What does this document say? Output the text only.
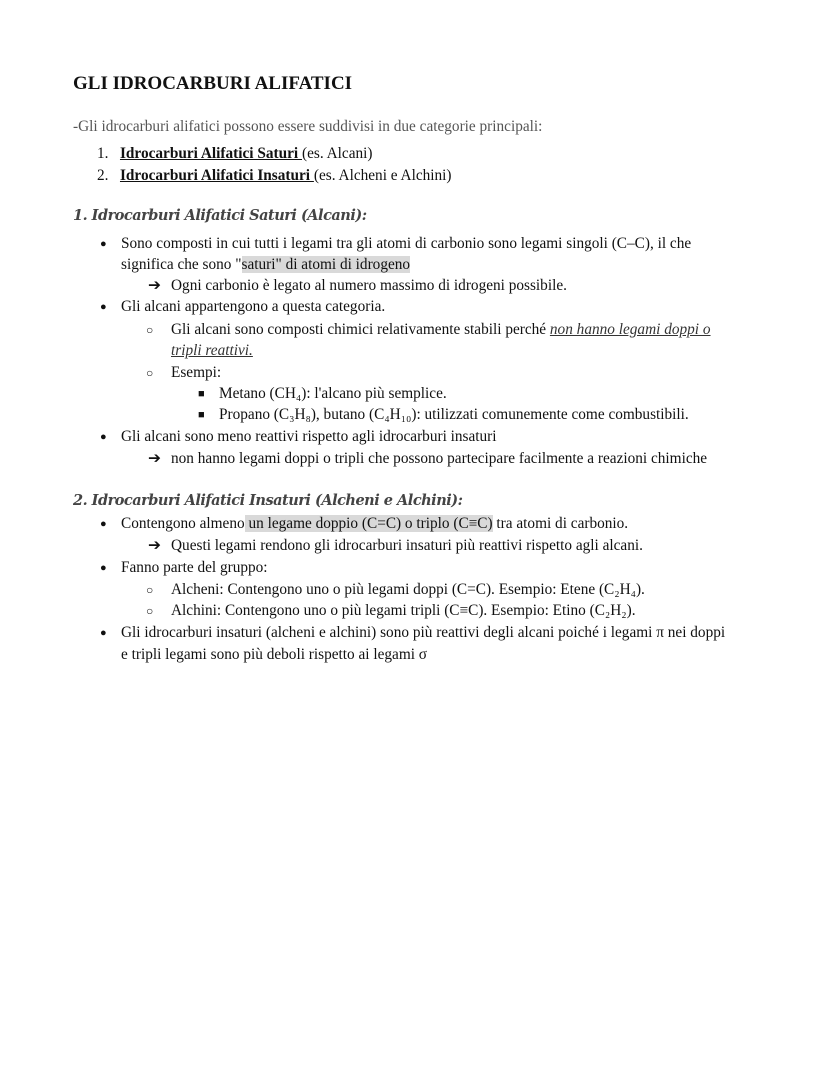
GLI IDROCARBURI ALIFATICI
-Gli idrocarburi alifatici possono essere suddivisi in due categorie principali:
1. Idrocarburi Alifatici Saturi (es. Alcani)
2. Idrocarburi Alifatici Insaturi (es. Alcheni e Alchini)
1. Idrocarburi Alifatici Saturi (Alcani):
● Sono composti in cui tutti i legami tra gli atomi di carbonio sono legami singoli (C–C), il che
significa che sono "saturi" di atomi di idrogeno
➔ Ogni carbonio è legato al numero massimo di idrogeni possibile.
● Gli alcani appartengono a questa categoria.
○ Gli alcani sono composti chimici relativamente stabili perché non hanno legami doppi o
tripli reattivi.
○ Esempi:
■ Metano (CH₄): l'alcano più semplice.
■ Propano (C₃H₈), butano (C₄H₁₀): utilizzati comunemente come combustibili.
● Gli alcani sono meno reattivi rispetto agli idrocarburi insaturi
➔ non hanno legami doppi o tripli che possono partecipare facilmente a reazioni chimiche
2. Idrocarburi Alifatici Insaturi (Alcheni e Alchini):
● Contengono almeno un legame doppio (C=C) o triplo (C≡C) tra atomi di carbonio.
➔ Questi legami rendono gli idrocarburi insaturi più reattivi rispetto agli alcani.
● Fanno parte del gruppo:
○ Alcheni: Contengono uno o più legami doppi (C=C). Esempio: Etene (C₂H₄).
○ Alchini: Contengono uno o più legami tripli (C≡C). Esempio: Etino (C₂H₂).
● Gli idrocarburi insaturi (alcheni e alchini) sono più reattivi degli alcani poiché i legami π nei doppi
e tripli legami sono più deboli rispetto ai legami σ
